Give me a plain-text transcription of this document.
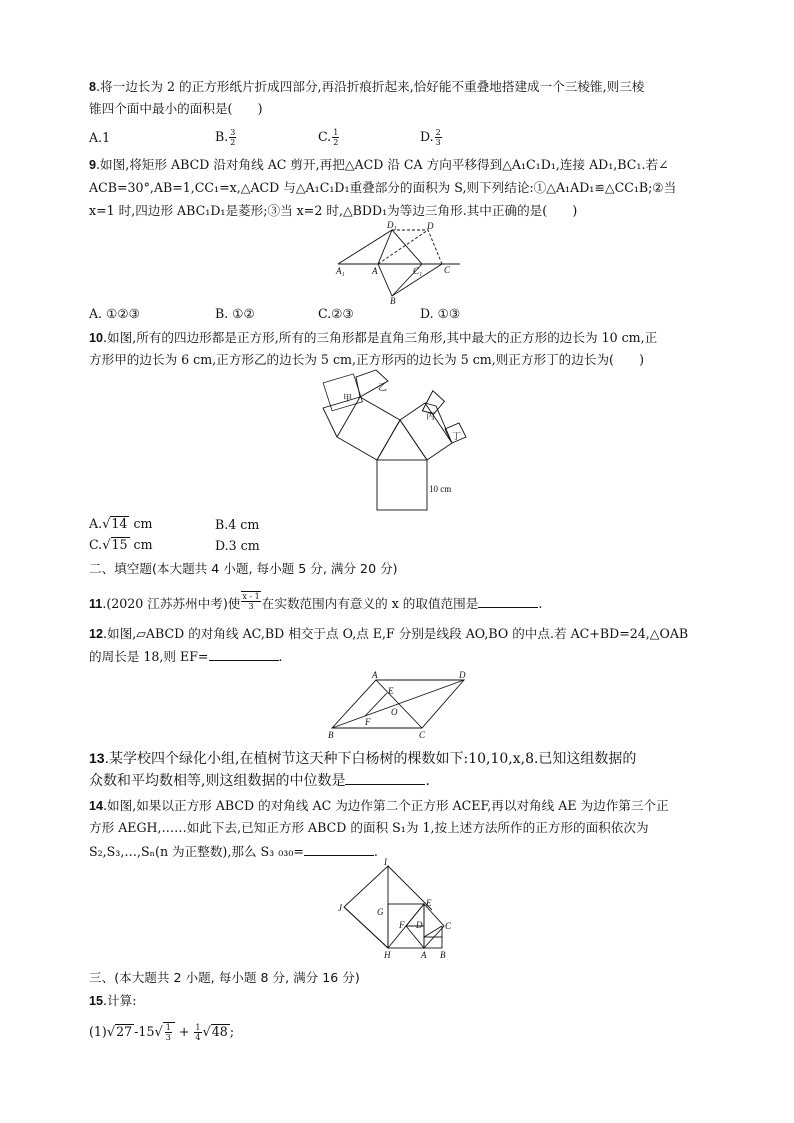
8.将一边长为 2 的正方形纸片折成四部分,再沿折痕折起来,恰好能不重叠地搭建成一个三棱锥,则三棱
锥四个面中最小的面积是(　　)
A.1	B. $\frac{3}{2}$	C. $\frac{1}{2}$	D. $\frac{2}{3}$
9.如图,将矩形 ABCD 沿对角线 AC 剪开,再把△ACD 沿 CA 方向平移得到△A₁C₁D₁,连接 AD₁,BC₁.若∠
ACB=30°,AB=1,CC₁=x,△ACD 与△A₁C₁D₁重叠部分的面积为 S,则下列结论:①△A₁AD₁≌△CC₁B;②当
x=1 时,四边形 ABC₁D₁是菱形;③当 x=2 时,△BDD₁为等边三角形.其中正确的是(　　)
D₁	D
A₁	A	C₁ C
B
A. ①②③	B. ①②	C.②③	D. ①③
10.如图,所有的四边形都是正方形,所有的三角形都是直角三角形,其中最大的正方形的边长为 10 cm,正
方形甲的边长为 6 cm,正方形乙的边长为 5 cm,正方形丙的边长为 5 cm,则正方形丁的边长为(　　)
甲
乙
丙
丁
10 cm
A.√14 cm	B.4 cm
C.√15 cm	D.3 cm
二、填空题(本大题共 4 小题, 每小题 5 分, 满分 20 分)
11.(2020 江苏苏州中考)使 $\frac{x - 1}{3}$ 在实数范围内有意义的 x 的取值范围是	.
12.如图,▱ABCD 的对角线 AC,BD 相交于点 O,点 E,F 分别是线段 AO,BO 的中点.若 AC+BD=24,△OAB
的周长是 18,则 EF=	.
A	D
E
O
F
B	C
13.某学校四个绿化小组,在植树节这天种下白杨树的棵数如下:10,10,x,8.已知这组数据的
众数和平均数相等,则这组数据的中位数是	.
14.如图,如果以正方形 ABCD 的对角线 AC 为边作第二个正方形 ACEF,再以对角线 AE 为边作第三个正
方形 AEGH,……如此下去,已知正方形 ABCD 的面积 S₁为 1,按上述方法所作的正方形的面积依次为
S₂,S₃,…,Sₙ(n 为正整数),那么 S₃ ₀₃₀=	.
I
J	G
E
F D	C
H	A B
三、(本大题共 2 小题, 每小题 8 分, 满分 16 分)
15.计算:
(1)√27 $-15√ \frac{1}{3} + \frac{1}{4} √48$ ;
